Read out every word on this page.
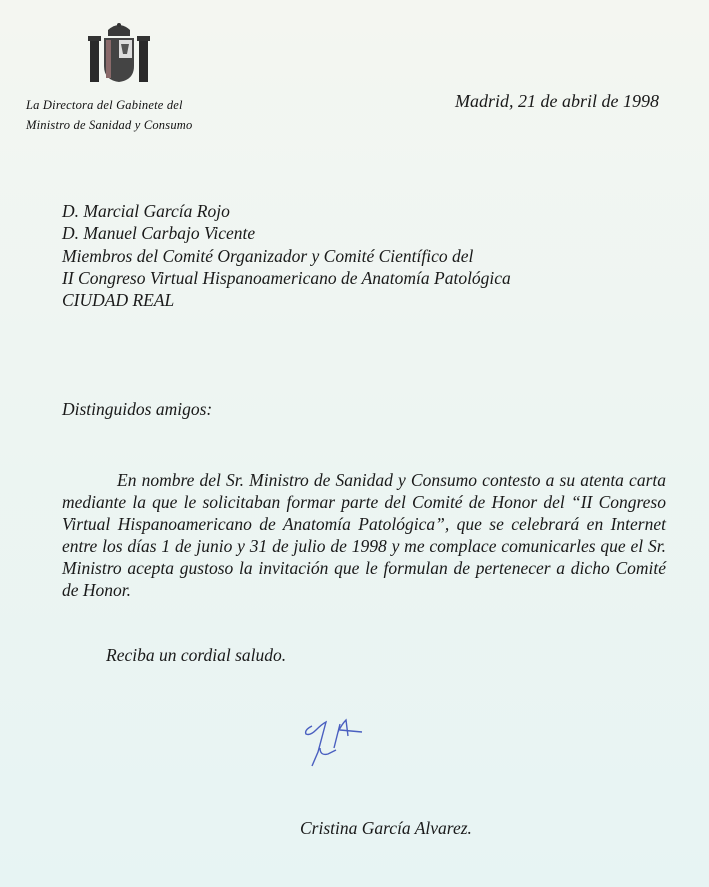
La Directora del Gabinete del
Ministro de Sanidad y Consumo
Madrid, 21 de abril de 1998
D. Marcial García Rojo
D. Manuel Carbajo Vicente
Miembros del Comité Organizador y Comité Científico del
II Congreso Virtual Hispanoamericano de Anatomía Patológica
CIUDAD REAL
Distinguidos amigos:
En nombre del Sr. Ministro de Sanidad y Consumo contesto a su atenta carta mediante la que le solicitaban formar parte del Comité de Honor del “II Congreso Virtual Hispanoamericano de Anatomía Patológica”, que se celebrará en Internet entre los días 1 de junio y 31 de julio de 1998 y me complace comunicarles que el Sr. Ministro acepta gustoso la invitación que le formulan de pertenecer a dicho Comité de Honor.
Reciba un cordial saludo.
Cristina García Alvarez.
